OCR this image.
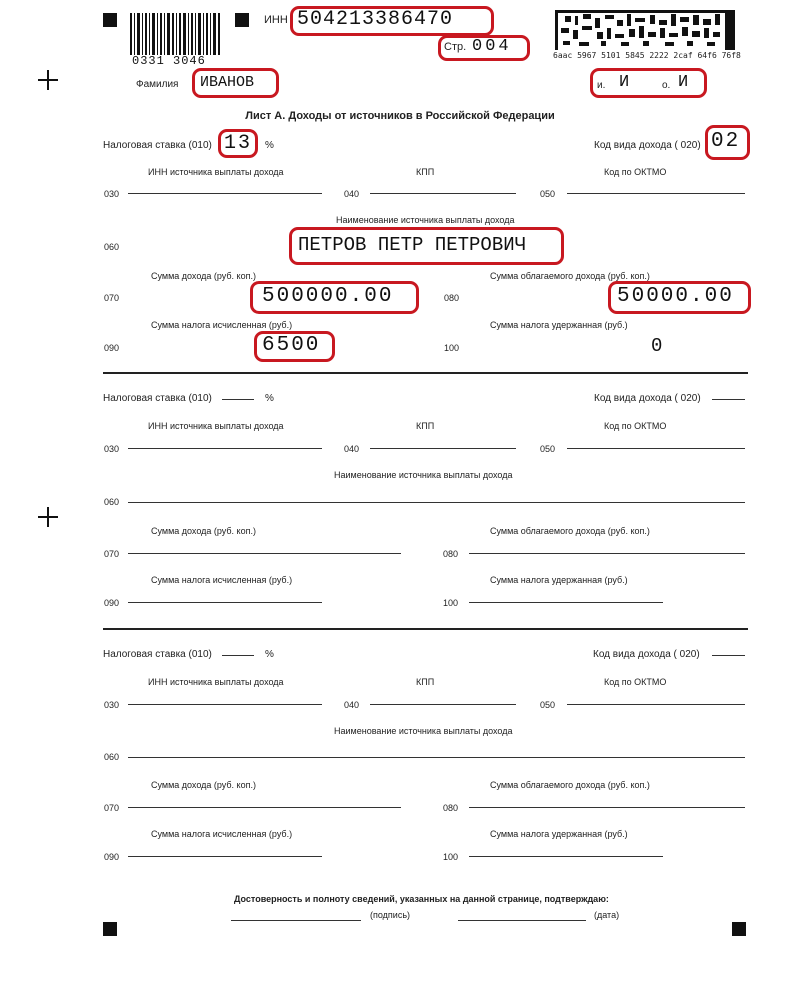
0331 3046
ИНН 504213386470
Стр. 004	6aac 5967 5101 5845 2222 2caf 64f6 76f8
Фамилия ИВАНОВ	и. И	о. И
Лист А. Доходы от источников в Российской Федерации
Налоговая ставка (010) 13 %	Код вида дохода ( 020) 02
ИНН источника выплаты дохода	КПП	Код по ОКТМО
030	040	050
Наименование источника выплаты дохода
060	ПЕТРОВ ПЕТР ПЕТРОВИЧ
Сумма дохода (руб. коп.)	Сумма облагаемого дохода (руб. коп.)
070	500000.00	080	50000.00
Сумма налога исчисленная (руб.)	Сумма налога удержанная (руб.)
090	6500	100	0
Налоговая ставка (010)	%	Код вида дохода ( 020)
ИНН источника выплаты дохода	КПП	Код по ОКТМО
030	040	050
Наименование источника выплаты дохода
060
Сумма дохода (руб. коп.)	Сумма облагаемого дохода (руб. коп.)
070	080
Сумма налога исчисленная (руб.)	Сумма налога удержанная (руб.)
090	100
Налоговая ставка (010)	%	Код вида дохода ( 020)
ИНН источника выплаты дохода	КПП	Код по ОКТМО
030	040	050
Наименование источника выплаты дохода
060
Сумма дохода (руб. коп.)	Сумма облагаемого дохода (руб. коп.)
070	080
Сумма налога исчисленная (руб.)	Сумма налога удержанная (руб.)
090	100
Достоверность и полноту сведений, указанных на данной странице, подтверждаю:
(подпись)	(дата)
